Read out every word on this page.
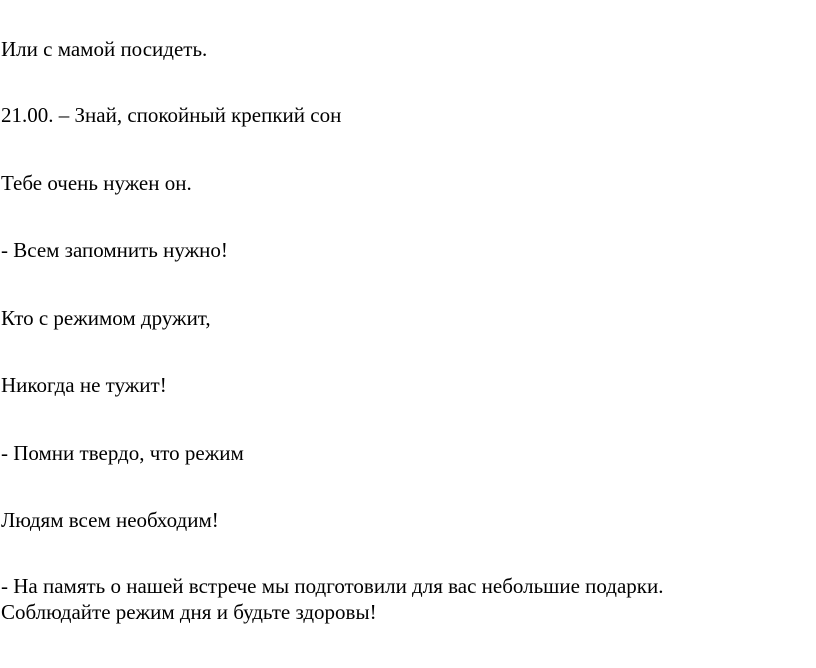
Или с мамой посидеть.

21.00. – Знай, спокойный крепкий сон

Тебе очень нужен он.

- Всем запомнить нужно!

Кто с режимом дружит,

Никогда не тужит!

- Помни твердо, что режим

Людям всем необходим!

- На память о нашей встрече мы подготовили для вас небольшие подарки.

Соблюдайте режим дня и будьте здоровы!
